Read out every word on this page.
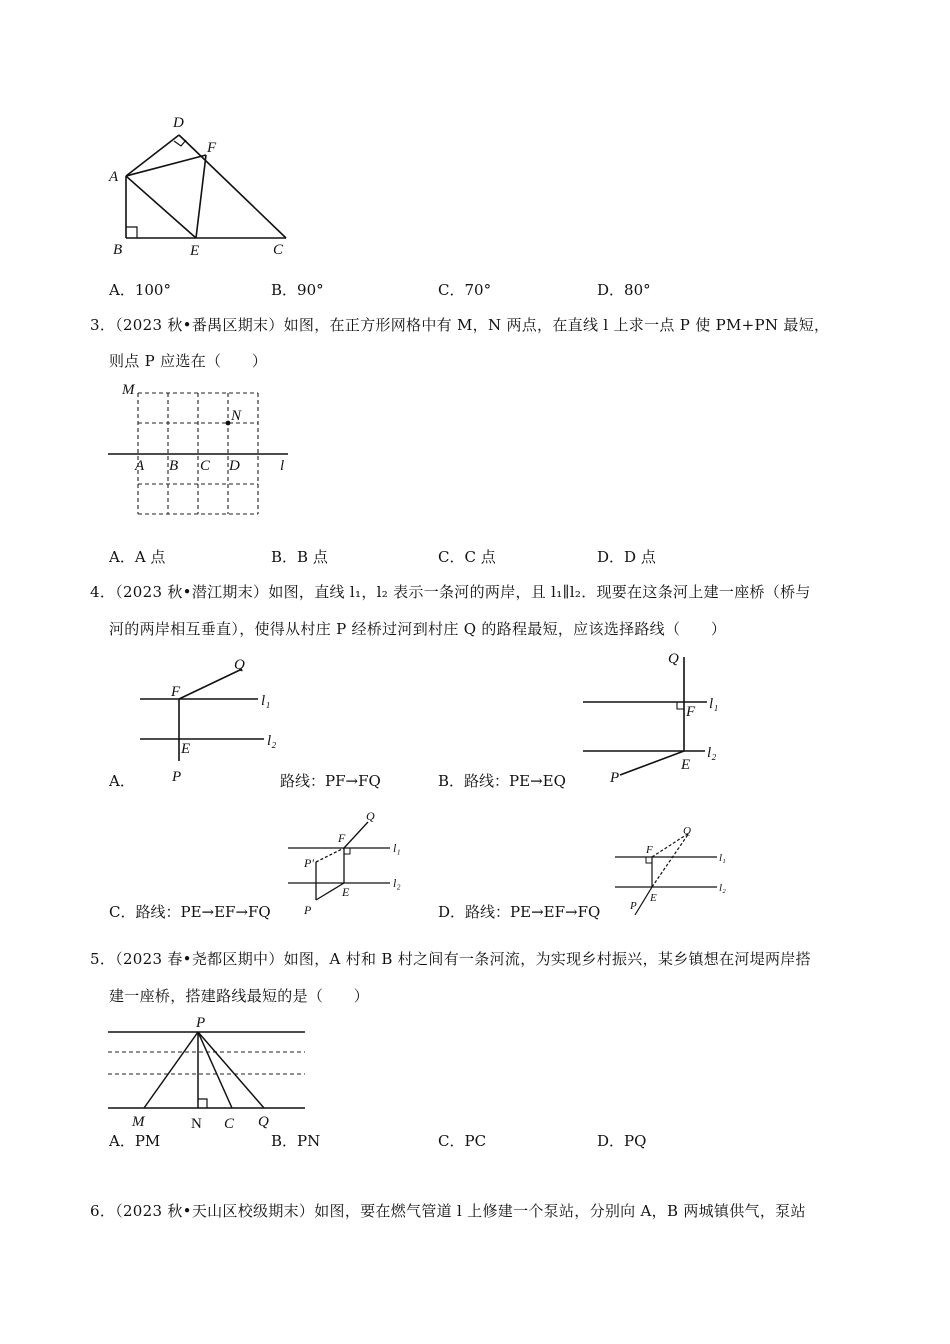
D
F
A
B	E	C
A．100°	B．90°	C．70°	D．80°
3．（2023 秋•番禺区期末）如图，在正方形网格中有 M，N 两点，在直线 l 上求一点 P 使 PM+PN 最短，
则点 P 应选在（　　）
M
N
A B C D	l
A．A 点	B．B 点	C．C 点	D．D 点
4．（2023 秋•潜江期末）如图，直线 l₁，l₂ 表示一条河的两岸，且 l₁∥l₂．现要在这条河上建一座桥（桥与
河的两岸相互垂直），使得从村庄 P 经桥过河到村庄 Q 的路程最短，应该选择路线（　　）
Q
F
l₁
E	l₂
P
A．	路线：PF→FQ
Q
F l₁
E
l₂
P
B．路线：PE→EQ
Q
F
l₁
P′
E
l₂
P
C．路线：PE→EF→FQ
Q
F
l₁
E
l₂
P
D．路线：PE→EF→FQ
5．（2023 春•尧都区期中）如图，A 村和 B 村之间有一条河流，为实现乡村振兴，某乡镇想在河堤两岸搭
建一座桥，搭建路线最短的是（　　）
P
M	N C Q
A．PM	B．PN	C．PC	D．PQ
6．（2023 秋•天山区校级期末）如图，要在燃气管道 l 上修建一个泵站，分别向 A，B 两城镇供气，泵站
